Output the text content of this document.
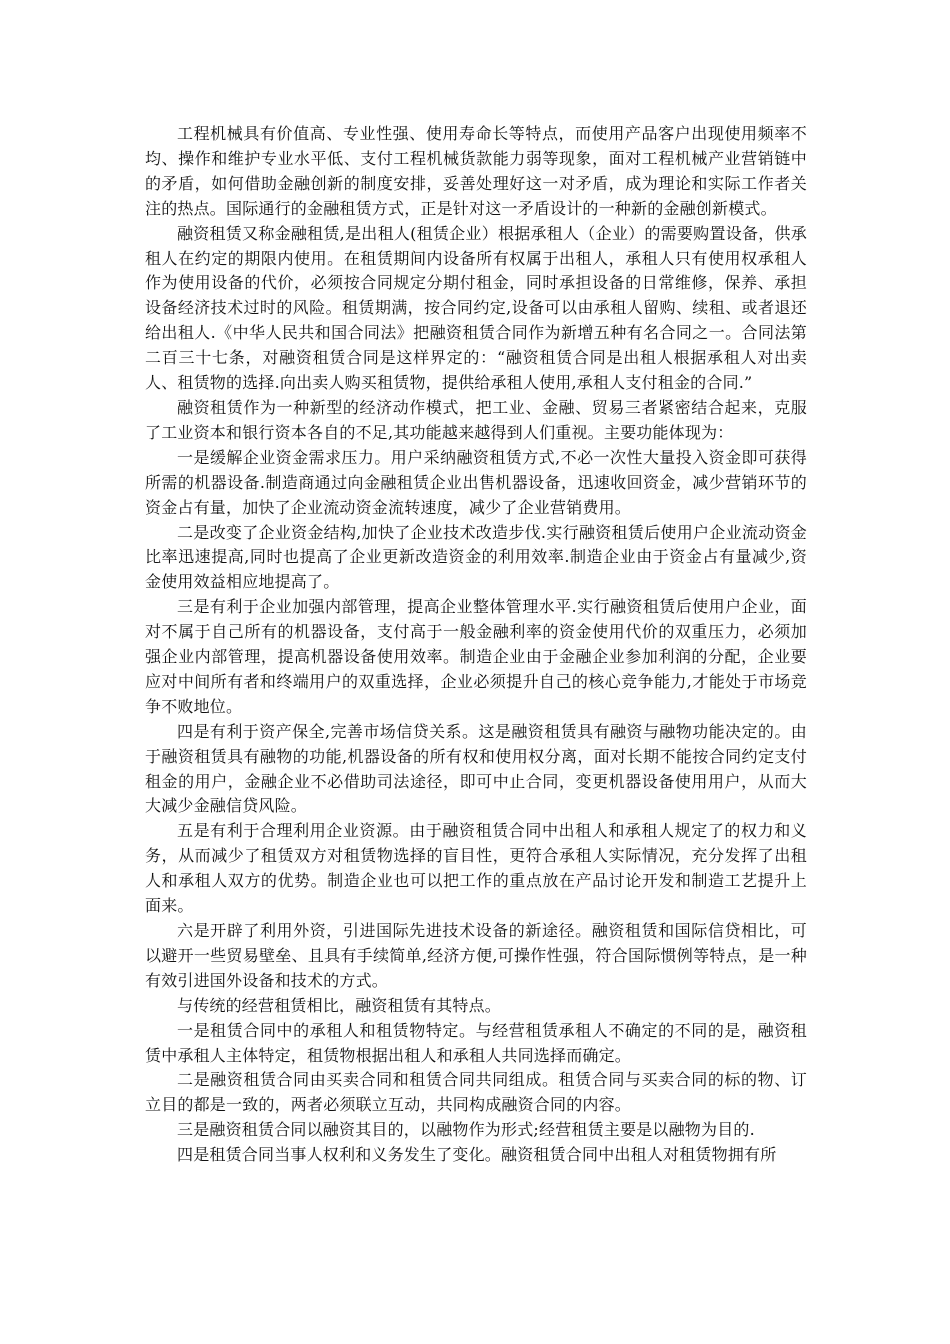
工程机械具有价值高、专业性强、使用寿命长等特点，而使用产品客户出现使用频率不均、操作和维护专业水平低、支付工程机械货款能力弱等现象，面对工程机械产业营销链中的矛盾，如何借助金融创新的制度安排，妥善处理好这一对矛盾，成为理论和实际工作者关注的热点。国际通行的金融租赁方式，正是针对这一矛盾设计的一种新的金融创新模式。

融资租赁又称金融租赁,是出租人(租赁企业）根据承租人（企业）的需要购置设备，供承租人在约定的期限内使用。在租赁期间内设备所有权属于出租人，承租人只有使用权承租人作为使用设备的代价，必须按合同规定分期付租金，同时承担设备的日常维修，保养、承担设备经济技术过时的风险。租赁期满，按合同约定,设备可以由承租人留购、续租、或者退还给出租人.《中华人民共和国合同法》把融资租赁合同作为新增五种有名合同之一。合同法第二百三十七条，对融资租赁合同是这样界定的：“融资租赁合同是出租人根据承租人对出卖人、租赁物的选择.向出卖人购买租赁物，提供给承租人使用,承租人支付租金的合同.”

融资租赁作为一种新型的经济动作模式，把工业、金融、贸易三者紧密结合起来，克服了工业资本和银行资本各自的不足,其功能越来越得到人们重视。主要功能体现为：

一是缓解企业资金需求压力。用户采纳融资租赁方式,不必一次性大量投入资金即可获得所需的机器设备.制造商通过向金融租赁企业出售机器设备，迅速收回资金，减少营销环节的资金占有量，加快了企业流动资金流转速度，减少了企业营销费用。

二是改变了企业资金结构,加快了企业技术改造步伐.实行融资租赁后使用户企业流动资金比率迅速提高,同时也提高了企业更新改造资金的利用效率.制造企业由于资金占有量减少,资金使用效益相应地提高了。

三是有利于企业加强内部管理，提高企业整体管理水平.实行融资租赁后使用户企业，面对不属于自己所有的机器设备，支付高于一般金融利率的资金使用代价的双重压力，必须加强企业内部管理，提高机器设备使用效率。制造企业由于金融企业参加利润的分配，企业要应对中间所有者和终端用户的双重选择，企业必须提升自己的核心竞争能力,才能处于市场竞争不败地位。

四是有利于资产保全,完善市场信贷关系。这是融资租赁具有融资与融物功能决定的。由于融资租赁具有融物的功能,机器设备的所有权和使用权分离，面对长期不能按合同约定支付租金的用户，金融企业不必借助司法途径，即可中止合同，变更机器设备使用用户，从而大大减少金融信贷风险。

五是有利于合理利用企业资源。由于融资租赁合同中出租人和承租人规定了的权力和义务，从而减少了租赁双方对租赁物选择的盲目性，更符合承租人实际情况，充分发挥了出租人和承租人双方的优势。制造企业也可以把工作的重点放在产品讨论开发和制造工艺提升上面来。

六是开辟了利用外资，引进国际先进技术设备的新途径。融资租赁和国际信贷相比，可以避开一些贸易壁垒、且具有手续简单,经济方便,可操作性强，符合国际惯例等特点，是一种有效引进国外设备和技术的方式。

与传统的经营租赁相比，融资租赁有其特点。

一是租赁合同中的承租人和租赁物特定。与经营租赁承租人不确定的不同的是，融资租赁中承租人主体特定，租赁物根据出租人和承租人共同选择而确定。

二是融资租赁合同由买卖合同和租赁合同共同组成。租赁合同与买卖合同的标的物、订立目的都是一致的，两者必须联立互动，共同构成融资合同的内容。

三是融资租赁合同以融资其目的，以融物作为形式;经营租赁主要是以融物为目的.

四是租赁合同当事人权利和义务发生了变化。融资租赁合同中出租人对租赁物拥有所
